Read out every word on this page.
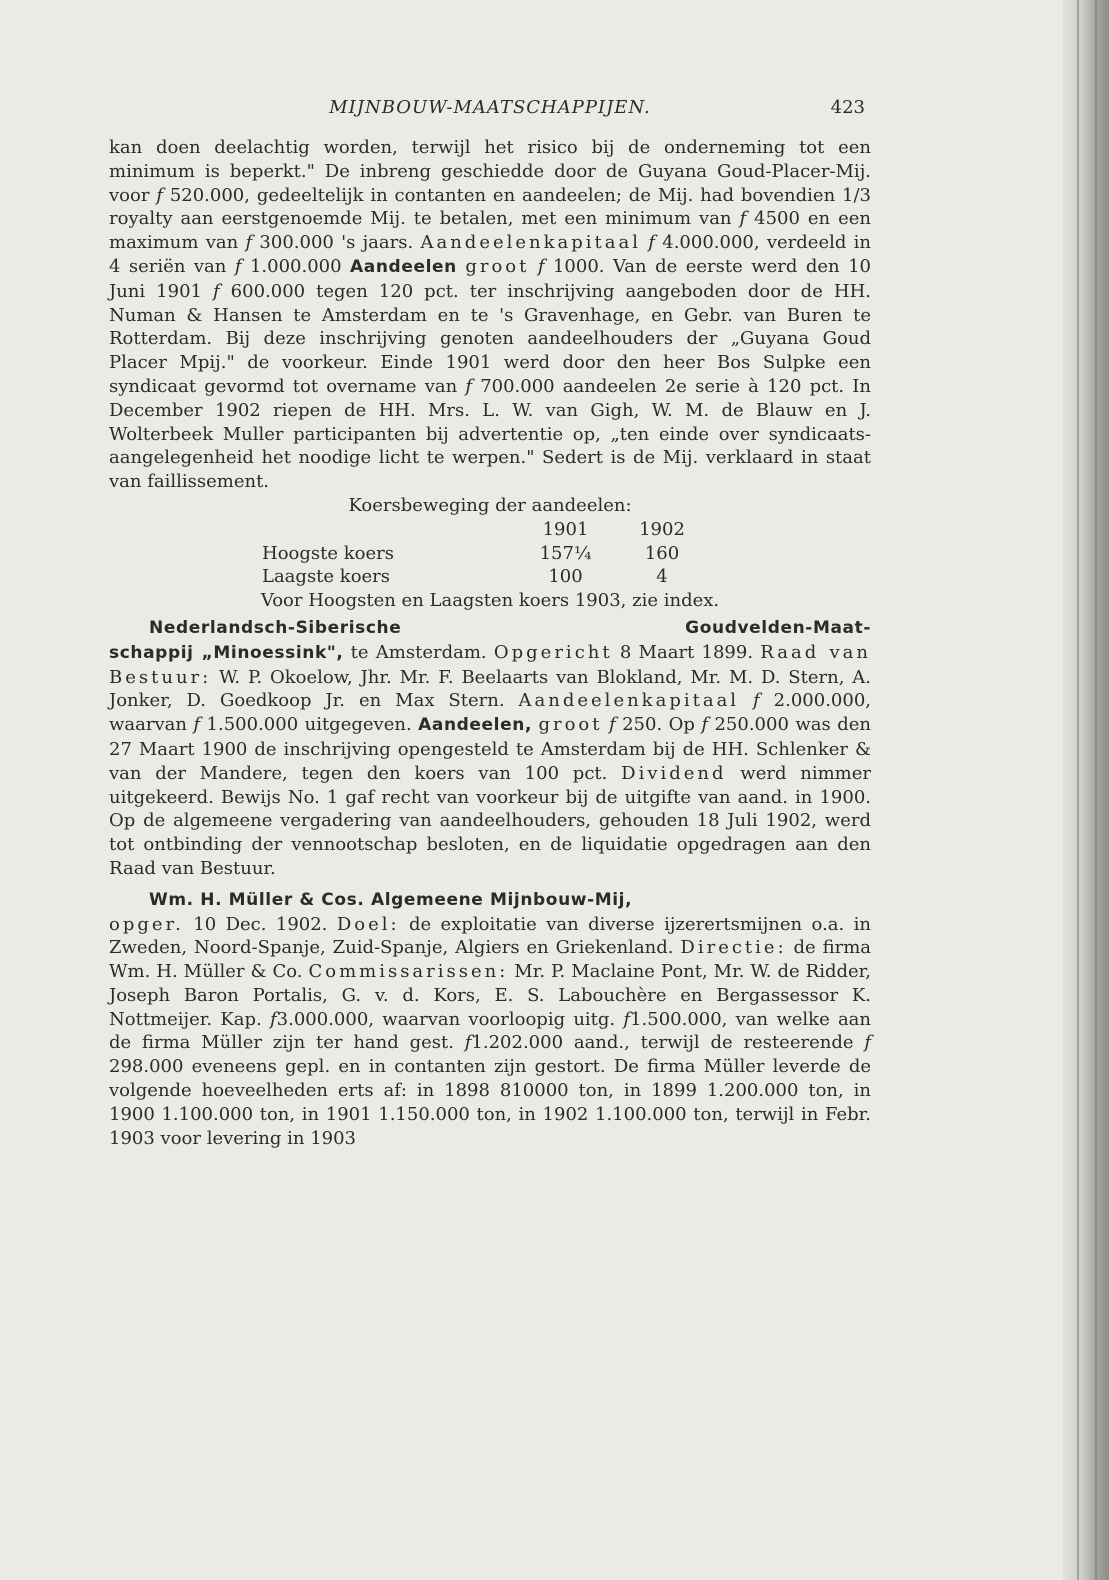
MIJNBOUW-MAATSCHAPPIJEN.	423

kan doen deelachtig worden, terwijl het risico bij de onderneming tot een minimum is beperkt." De inbreng geschiedde door de Guyana Goud-Placer-Mij. voor f 520.000, gedeeltelijk in contanten en aandeelen; de Mij. had bovendien 1/3 royalty aan eerstgenoemde Mij. te betalen, met een minimum van f 4500 en een maximum van f 300.000 's jaars. Aandeelenkapitaal f 4.000.000, verdeeld in 4 seriën van f 1.000.000 Aandeelen groot f 1000. Van de eerste werd den 10 Juni 1901 f 600.000 tegen 120 pct. ter inschrijving aangeboden door de HH. Numan & Hansen te Amsterdam en te 's Gravenhage, en Gebr. van Buren te Rotterdam. Bij deze inschrijving genoten aandeelhouders der „Guyana Goud Placer Mpij." de voorkeur. Einde 1901 werd door den heer Bos Sulpke een syndicaat gevormd tot overname van f 700.000 aandeelen 2e serie à 120 pct. In December 1902 riepen de HH. Mrs. L. W. van Gigh, W. M. de Blauw en J. Wolterbeek Muller participanten bij advertentie op, „ten einde over syndicaats-aangelegenheid het noodige licht te werpen." Sedert is de Mij. verklaard in staat van faillissement.

Koersbeweging der aandeelen:

	1901	1902
Hoogste koers	157¼	160
Laagste koers	100	4

Voor Hoogsten en Laagsten koers 1903, zie index.

Nederlandsch-Siberische	Goudvelden-Maat-

schappij „Minoessink", te Amsterdam. Opgericht 8 Maart 1899. Raad van Bestuur: W. P. Okoelow, Jhr. Mr. F. Beelaarts van Blokland, Mr. M. D. Stern, A. Jonker, D. Goedkoop Jr. en Max Stern. Aandeelenkapitaal f 2.000.000, waarvan f 1.500.000 uitgegeven. Aandeelen, groot f 250. Op f 250.000 was den 27 Maart 1900 de inschrijving opengesteld te Amsterdam bij de HH. Schlenker & van der Mandere, tegen den koers van 100 pct. Dividend werd nimmer uitgekeerd. Bewijs No. 1 gaf recht van voorkeur bij de uitgifte van aand. in 1900. Op de algemeene vergadering van aandeelhouders, gehouden 18 Juli 1902, werd tot ontbinding der vennootschap besloten, en de liquidatie opgedragen aan den Raad van Bestuur.

Wm. H. Müller & Cos. Algemeene Mijnbouw-Mij,

opger. 10 Dec. 1902. Doel: de exploitatie van diverse ijzerertsmijnen o.a. in Zweden, Noord-Spanje, Zuid-Spanje, Algiers en Griekenland. Directie: de firma Wm. H. Müller & Co. Commissarissen: Mr. P. Maclaine Pont, Mr. W. de Ridder, Joseph Baron Portalis, G. v. d. Kors, E. S. Labouchère en Bergassessor K. Nottmeijer. Kap. f3.000.000, waarvan voorloopig uitg. f1.500.000, van welke aan de firma Müller zijn ter hand gest. f1.202.000 aand., terwijl de resteerende f 298.000 eveneens gepl. en in contanten zijn gestort. De firma Müller leverde de volgende hoeveelheden erts af: in 1898 810000 ton, in 1899 1.200.000 ton, in 1900 1.100.000 ton, in 1901 1.150.000 ton, in 1902 1.100.000 ton, terwijl in Febr. 1903 voor levering in 1903
